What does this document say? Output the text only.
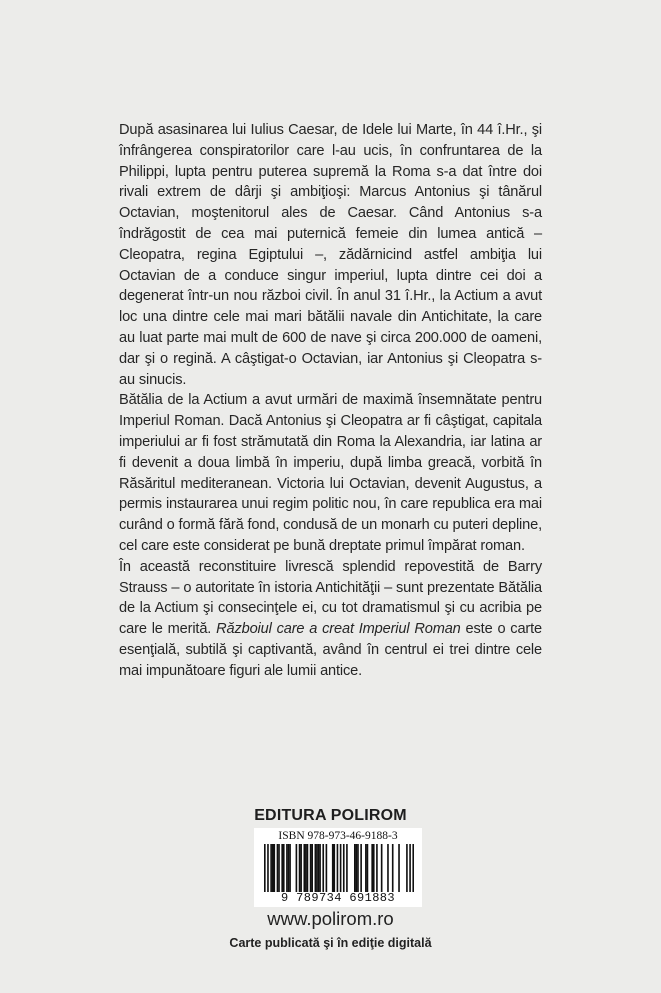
După asasinarea lui Iulius Caesar, de Idele lui Marte, în 44 î.Hr., şi înfrângerea conspiratorilor care l-au ucis, în confruntarea de la Philippi, lupta pentru puterea supremă la Roma s-a dat între doi rivali extrem de dârji şi ambiţioşi: Marcus Antonius şi tânărul Octavian, moştenitorul ales de Caesar. Când Antonius s-a îndrăgostit de cea mai puternică femeie din lumea antică – Cleopatra, regina Egiptului –, zădărnicind astfel ambiţia lui Octavian de a conduce singur imperiul, lupta dintre cei doi a degenerat într-un nou război civil. În anul 31 î.Hr., la Actium a avut loc una dintre cele mai mari bătălii navale din Antichitate, la care au luat parte mai mult de 600 de nave şi circa 200.000 de oameni, dar şi o regină. A câştigat-o Octavian, iar Antonius şi Cleopatra s-au sinucis.

Bătălia de la Actium a avut urmări de maximă însemnătate pentru Imperiul Roman. Dacă Antonius şi Cleopatra ar fi câştigat, capitala imperiului ar fi fost strămutată din Roma la Alexandria, iar latina ar fi devenit a doua limbă în imperiu, după limba greacă, vorbită în Răsăritul mediteranean. Victoria lui Octavian, devenit Augustus, a permis instaurarea unui regim politic nou, în care republica era mai curând o formă fără fond, condusă de un monarh cu puteri depline, cel care este considerat pe bună dreptate primul împărat roman.

În această reconstituire livrescă splendid repovestită de Barry Strauss – o autoritate în istoria Antichităţii – sunt prezentate Bătălia de la Actium şi consecinţele ei, cu tot dramatismul şi cu acribia pe care le merită. Războiul care a creat Imperiul Roman este o carte esenţială, subtilă şi captivantă, având în centrul ei trei dintre cele mai impunătoare figuri ale lumii antice.

EDITURA POLIROM
ISBN 978-973-46-9188-3
9 789734 691883
www.polirom.ro
Carte publicată şi în ediţie digitală
